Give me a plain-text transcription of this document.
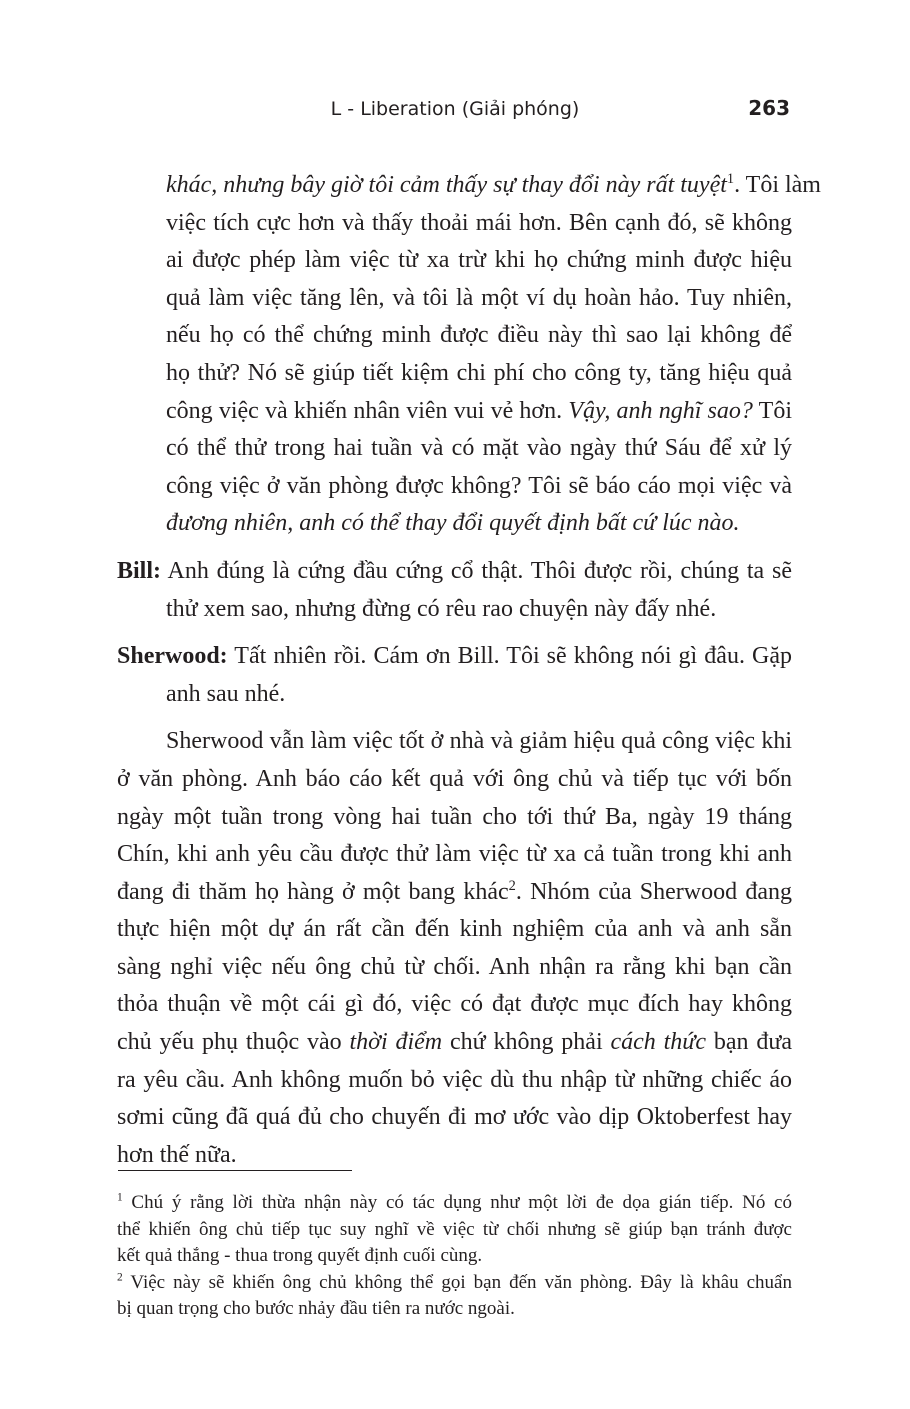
L - Liberation (Giải phóng)	263
khác, nhưng bây giờ tôi cảm thấy sự thay đổi này rất tuyệt$^1$. Tôi làm
việc tích cực hơn và thấy thoải mái hơn. Bên cạnh đó, sẽ không
ai được phép làm việc từ xa trừ khi họ chứng minh được hiệu
quả làm việc tăng lên, và tôi là một ví dụ hoàn hảo. Tuy nhiên,
nếu họ có thể chứng minh được điều này thì sao lại không để
họ thử? Nó sẽ giúp tiết kiệm chi phí cho công ty, tăng hiệu quả
công việc và khiến nhân viên vui vẻ hơn. Vậy, anh nghĩ sao? Tôi
có thể thử trong hai tuần và có mặt vào ngày thứ Sáu để xử lý
công việc ở văn phòng được không? Tôi sẽ báo cáo mọi việc và
đương nhiên, anh có thể thay đổi quyết định bất cứ lúc nào.
Bill: Anh đúng là cứng đầu cứng cổ thật. Thôi được rồi, chúng ta sẽ
thử xem sao, nhưng đừng có rêu rao chuyện này đấy nhé.
Sherwood: Tất nhiên rồi. Cám ơn Bill. Tôi sẽ không nói gì đâu. Gặp
anh sau nhé.
Sherwood vẫn làm việc tốt ở nhà và giảm hiệu quả công việc khi
ở văn phòng. Anh báo cáo kết quả với ông chủ và tiếp tục với bốn
ngày một tuần trong vòng hai tuần cho tới thứ Ba, ngày 19 tháng
Chín, khi anh yêu cầu được thử làm việc từ xa cả tuần trong khi anh
đang đi thăm họ hàng ở một bang khác$^2$. Nhóm của Sherwood đang
thực hiện một dự án rất cần đến kinh nghiệm của anh và anh sẵn
sàng nghỉ việc nếu ông chủ từ chối. Anh nhận ra rằng khi bạn cần
thỏa thuận về một cái gì đó, việc có đạt được mục đích hay không
chủ yếu phụ thuộc vào thời điểm chứ không phải cách thức bạn đưa
ra yêu cầu. Anh không muốn bỏ việc dù thu nhập từ những chiếc áo
sơmi cũng đã quá đủ cho chuyến đi mơ ước vào dịp Oktoberfest hay
hơn thế nữa.
$^1$ Chú ý rằng lời thừa nhận này có tác dụng như một lời đe dọa gián tiếp. Nó có
thể khiến ông chủ tiếp tục suy nghĩ về việc từ chối nhưng sẽ giúp bạn tránh được
kết quả thắng - thua trong quyết định cuối cùng.
$^2$ Việc này sẽ khiến ông chủ không thể gọi bạn đến văn phòng. Đây là khâu chuẩn
bị quan trọng cho bước nhảy đầu tiên ra nước ngoài.
